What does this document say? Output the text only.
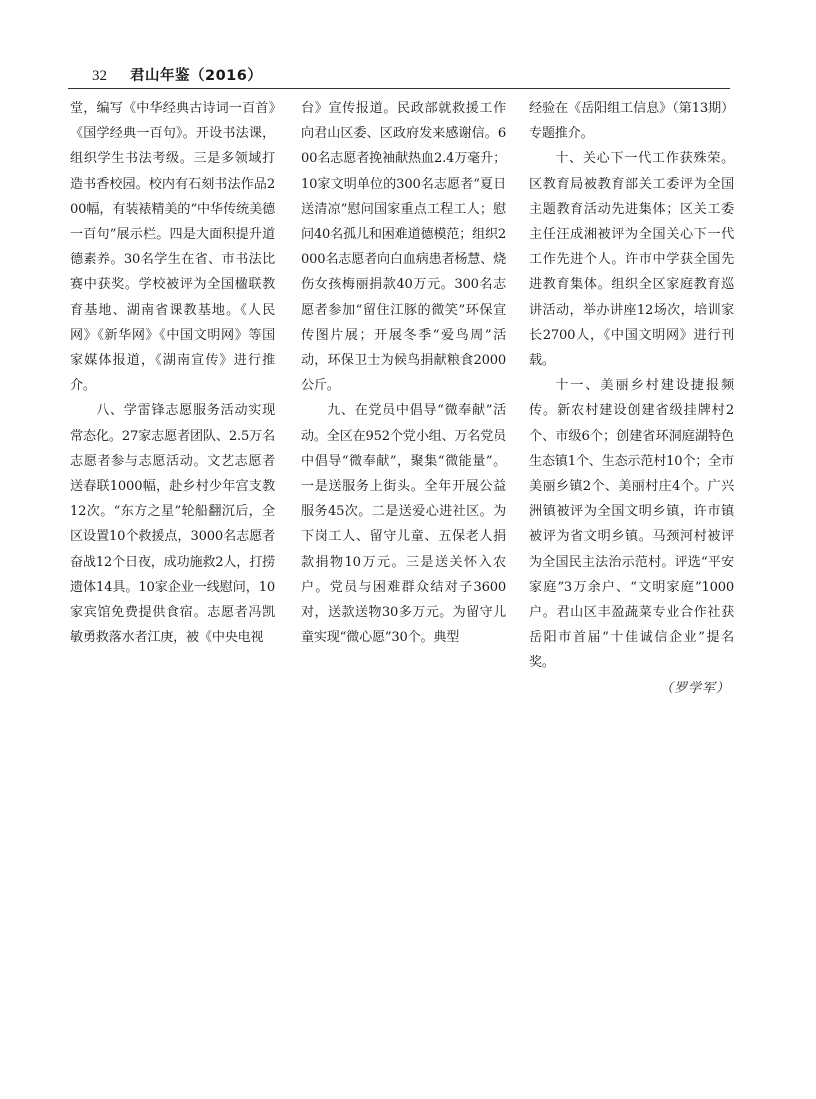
32 君山年鉴（2016）

堂，编写《中华经典古诗词一百首》《国学经典一百句》。开设书法课，组织学生书法考级。三是多领域打造书香校园。校内有石刻书法作品200幅，有装裱精美的“中华传统美德一百句”展示栏。四是大面积提升道德素养。30名学生在省、市书法比赛中获奖。学校被评为全国楹联教育基地、湖南省课教基地。《人民网》《新华网》《中国文明网》等国家媒体报道，《湖南宣传》进行推介。

八、学雷锋志愿服务活动实现常态化。27家志愿者团队、2.5万名志愿者参与志愿活动。文艺志愿者送春联1000幅，赴乡村少年宫支教12次。“东方之星”轮船翻沉后，全区设置10个救援点，3000名志愿者奋战12个日夜，成功施救2人，打捞遗体14具。10家企业一线慰问，10家宾馆免费提供食宿。志愿者冯凯敏勇救落水者江庚，被《中央电视

台》宣传报道。民政部就救援工作向君山区委、区政府发来感谢信。600名志愿者挽袖献热血2.4万毫升；10家文明单位的300名志愿者“夏日送清凉”慰问国家重点工程工人；慰问40名孤儿和困难道德模范；组织2000名志愿者向白血病患者杨慧、烧伤女孩梅丽捐款40万元。300名志愿者参加“留住江豚的微笑”环保宣传图片展；开展冬季“爱鸟周”活动，环保卫士为候鸟捐献粮食2000公斤。

九、在党员中倡导“微奉献”活动。全区在952个党小组、万名党员中倡导“微奉献”，聚集“微能量”。一是送服务上街头。全年开展公益服务45次。二是送爱心进社区。为下岗工人、留守儿童、五保老人捐款捐物10万元。三是送关怀入农户。党员与困难群众结对子3600对，送款送物30多万元。为留守儿童实现“微心愿”30个。典型

经验在《岳阳组工信息》（第13期）专题推介。

十、关心下一代工作获殊荣。区教育局被教育部关工委评为全国主题教育活动先进集体；区关工委主任汪成湘被评为全国关心下一代工作先进个人。许市中学获全国先进教育集体。组织全区家庭教育巡讲活动，举办讲座12场次，培训家长2700人，《中国文明网》进行刊载。

十一、美丽乡村建设捷报频传。新农村建设创建省级挂牌村2个、市级6个；创建省环洞庭湖特色生态镇1个、生态示范村10个；全市美丽乡镇2个、美丽村庄4个。广兴洲镇被评为全国文明乡镇，许市镇被评为省文明乡镇。马颈河村被评为全国民主法治示范村。评选“平安家庭”3万余户、“文明家庭”1000户。君山区丰盈蔬菜专业合作社获岳阳市首届“十佳诚信企业”提名奖。

（罗学军）
